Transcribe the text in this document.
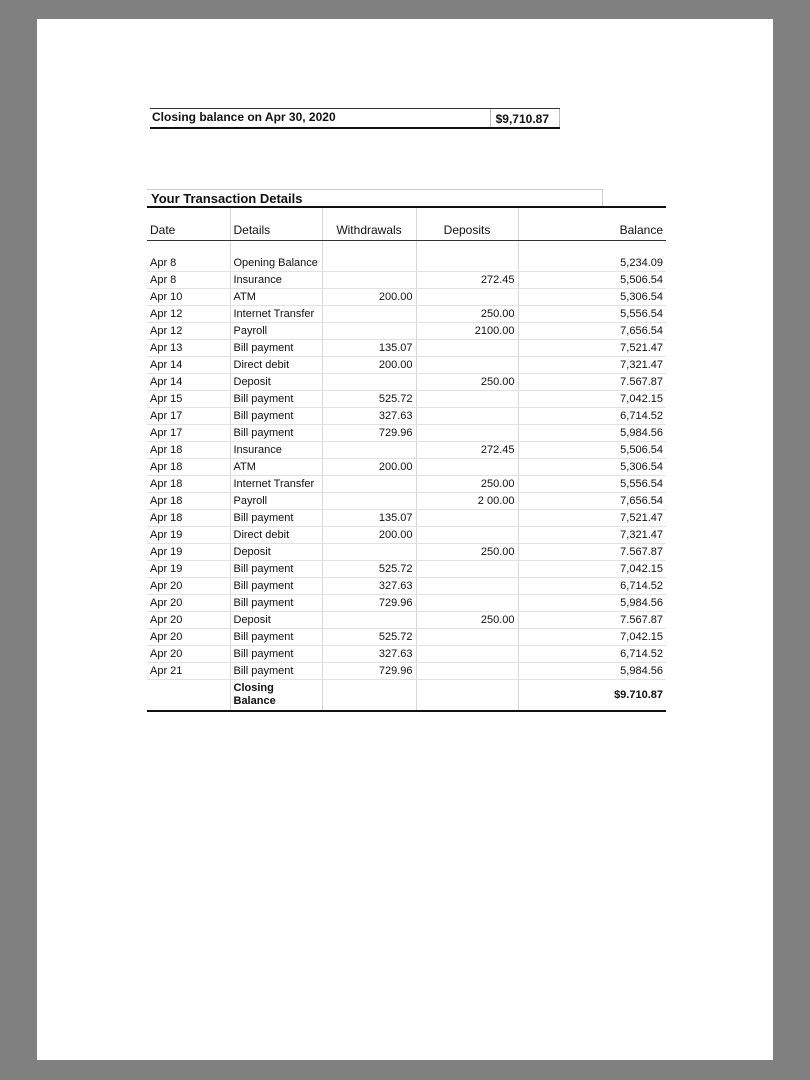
Closing balance on Apr 30, 2020	$9,710.87
Your Transaction Details

Date	Details	Withdrawals	Deposits	Balance

Apr 8	Opening Balance			5,234.09
Apr 8	Insurance		272.45	5,506.54
Apr 10	ATM	200.00		5,306.54
Apr 12	Internet Transfer		250.00	5,556.54
Apr 12	Payroll		2100.00	7,656.54
Apr 13	Bill payment	135.07		7,521.47
Apr 14	Direct debit	200.00		7,321.47
Apr 14	Deposit		250.00	7.567.87
Apr 15	Bill payment	525.72		7,042.15
Apr 17	Bill payment	327.63		6,714.52
Apr 17	Bill payment	729.96		5,984.56
Apr 18	Insurance		272.45	5,506.54
Apr 18	ATM	200.00		5,306.54
Apr 18	Internet Transfer		250.00	5,556.54
Apr 18	Payroll		2 00.00	7,656.54
Apr 18	Bill payment	135.07		7,521.47
Apr 19	Direct debit	200.00		7,321.47
Apr 19	Deposit		250.00	7.567.87
Apr 19	Bill payment	525.72		7,042.15
Apr 20	Bill payment	327.63		6,714.52
Apr 20	Bill payment	729.96		5,984.56
Apr 20	Deposit		250.00	7.567.87
Apr 20	Bill payment	525.72		7,042.15
Apr 20	Bill payment	327.63		6,714.52
Apr 21	Bill payment	729.96		5,984.56
	Closing Balance			$9.710.87
